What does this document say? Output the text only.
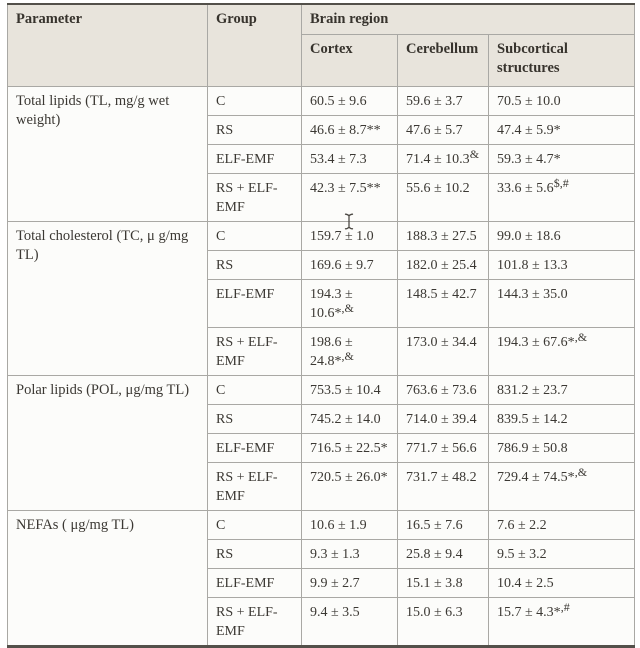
Parameter	Group	Brain region		
		Cortex	Cerebellum	Subcortical structures
Total lipids (TL, mg/g wet weight)	C	60.5 ± 9.6	59.6 ± 3.7	70.5 ± 10.0
	RS	46.6 ± 8.7**	47.6 ± 5.7	47.4 ± 5.9*
	ELF-EMF	53.4 ± 7.3	71.4 ± 10.3&	59.3 ± 4.7*
	RS + ELF-EMF	42.3 ± 7.5**	55.6 ± 10.2	33.6 ± 5.6$,#
Total cholesterol (TC, μ g/mg TL)	C	159.7 ± 1.0	188.3 ± 27.5	99.0 ± 18.6
	RS	169.6 ± 9.7	182.0 ± 25.4	101.8 ± 13.3
	ELF-EMF	194.3 ± 10.6*,&	148.5 ± 42.7	144.3 ± 35.0
	RS + ELF-EMF	198.6 ± 24.8*,&	173.0 ± 34.4	194.3 ± 67.6*,&
Polar lipids (POL, μg/mg TL)	C	753.5 ± 10.4	763.6 ± 73.6	831.2 ± 23.7
	RS	745.2 ± 14.0	714.0 ± 39.4	839.5 ± 14.2
	ELF-EMF	716.5 ± 22.5*	771.7 ± 56.6	786.9 ± 50.8
	RS + ELF-EMF	720.5 ± 26.0*	731.7 ± 48.2	729.4 ± 74.5*,&
NEFAs ( μg/mg TL)	C	10.6 ± 1.9	16.5 ± 7.6	7.6 ± 2.2
	RS	9.3 ± 1.3	25.8 ± 9.4	9.5 ± 3.2
	ELF-EMF	9.9 ± 2.7	15.1 ± 3.8	10.4 ± 2.5
	RS + ELF-EMF	9.4 ± 3.5	15.0 ± 6.3	15.7 ± 4.3*,#
